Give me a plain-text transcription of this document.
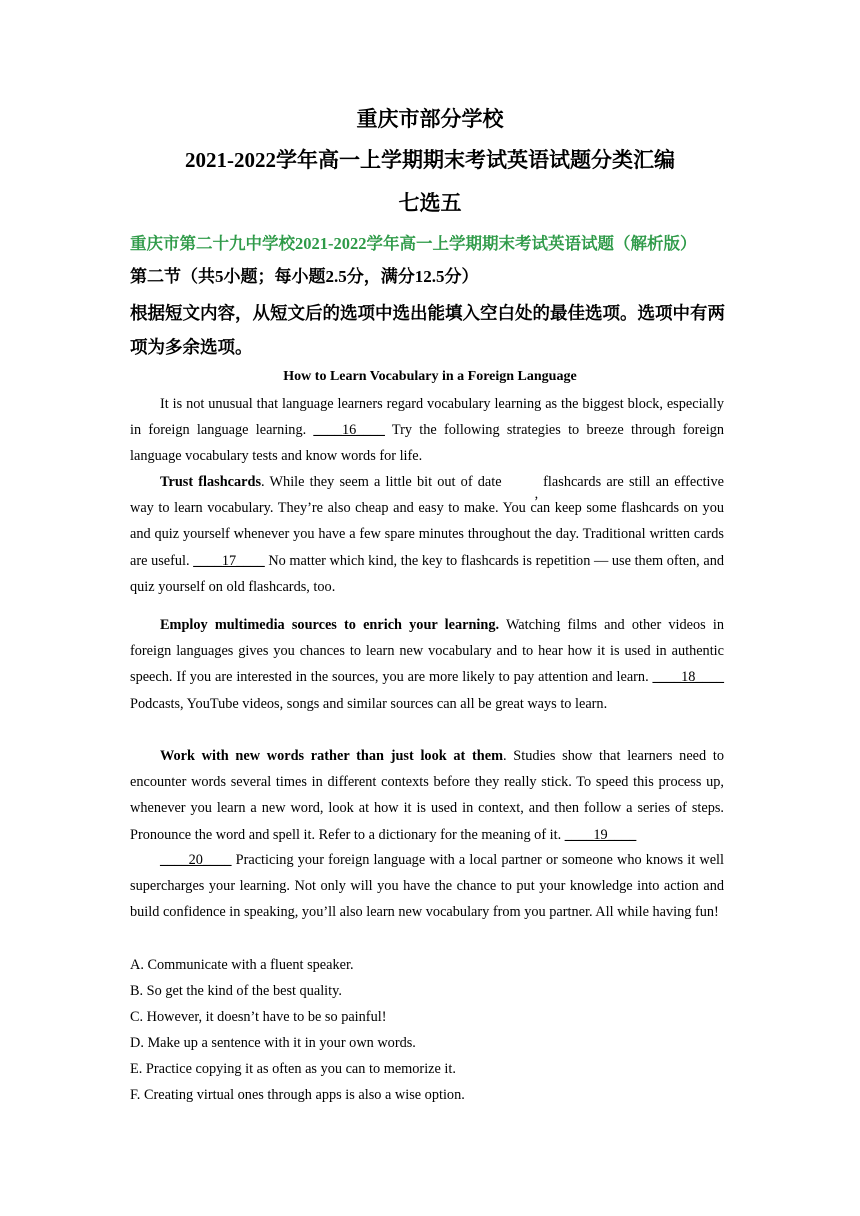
重庆市部分学校
2021-2022学年高一上学期期末考试英语试题分类汇编
七选五
重庆市第二十九中学校2021-2022学年高一上学期期末考试英语试题（解析版）
第二节（共5小题；每小题2.5分，满分12.5分）
根据短文内容，从短文后的选项中选出能填入空白处的最佳选项。选项中有两项为多余选项。
How to Learn Vocabulary in a Foreign Language
It is not unusual that language learners regard vocabulary learning as the biggest block, especially in foreign language learning. ____16____ Try the following strategies to breeze through foreign language vocabulary tests and know words for life.
Trust flashcards. While they seem a little bit out of date,flashcards are still an effective way to learn vocabulary. They’re also cheap and easy to make. You can keep some flashcards on you and quiz yourself whenever you have a few spare minutes throughout the day. Traditional written cards are useful. ____17____ No matter which kind, the key to flashcards is repetition — use them often, and quiz yourself on old flashcards, too.
Employ multimedia sources to enrich your learning. Watching films and other videos in foreign languages gives you chances to learn new vocabulary and to hear how it is used in authentic speech. If you are interested in the sources, you are more likely to pay attention and learn. ____18____ Podcasts, YouTube videos, songs and similar sources can all be great ways to learn.
Work with new words rather than just look at them. Studies show that learners need to encounter words several times in different contexts before they really stick. To speed this process up, whenever you learn a new word, look at how it is used in context, and then follow a series of steps. Pronounce the word and spell it. Refer to a dictionary for the meaning of it. ____19____
____20____ Practicing your foreign language with a local partner or someone who knows it well supercharges your learning. Not only will you have the chance to put your knowledge into action and build confidence in speaking, you’ll also learn new vocabulary from you partner. All while having fun!
A. Communicate with a fluent speaker.
B. So get the kind of the best quality.
C. However, it doesn’t have to be so painful!
D. Make up a sentence with it in your own words.
E. Practice copying it as often as you can to memorize it.
F. Creating virtual ones through apps is also a wise option.
